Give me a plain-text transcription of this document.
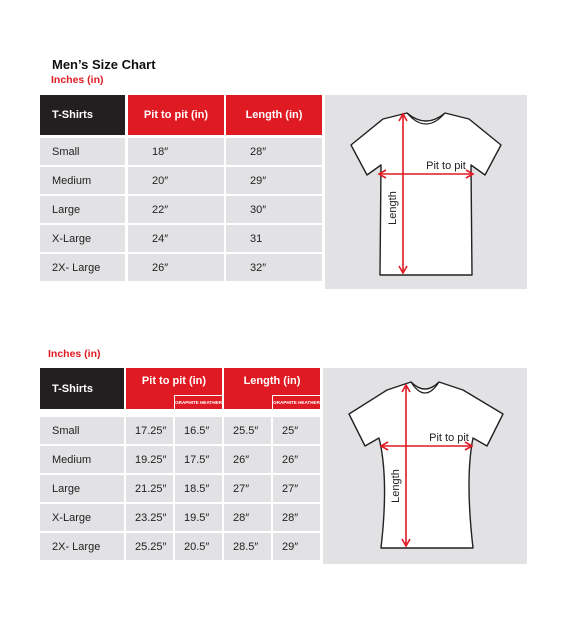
Men’s Size Chart
Inches (in)
T-Shirts	Pit to pit (in)	Length (in)
Small	18″	28″
Medium	20″	29″
Large	22″	30″
X-Large	24″	31
2X- Large	26″	32″
Pit to pit
Length
Inches (in)
T-Shirts
Pit to pit (in)	Length (in)
GRAPHITE HEATHER	GRAPHITE HEATHER
Small	17.25″	16.5″	25.5″	25″
Medium	19.25″	17.5″	26″	26″
Large	21.25″	18.5″	27″	27″
X-Large	23.25″	19.5″	28″	28″
2X- Large	25.25″	20.5″	28.5″	29″
Pit to pit
Length
